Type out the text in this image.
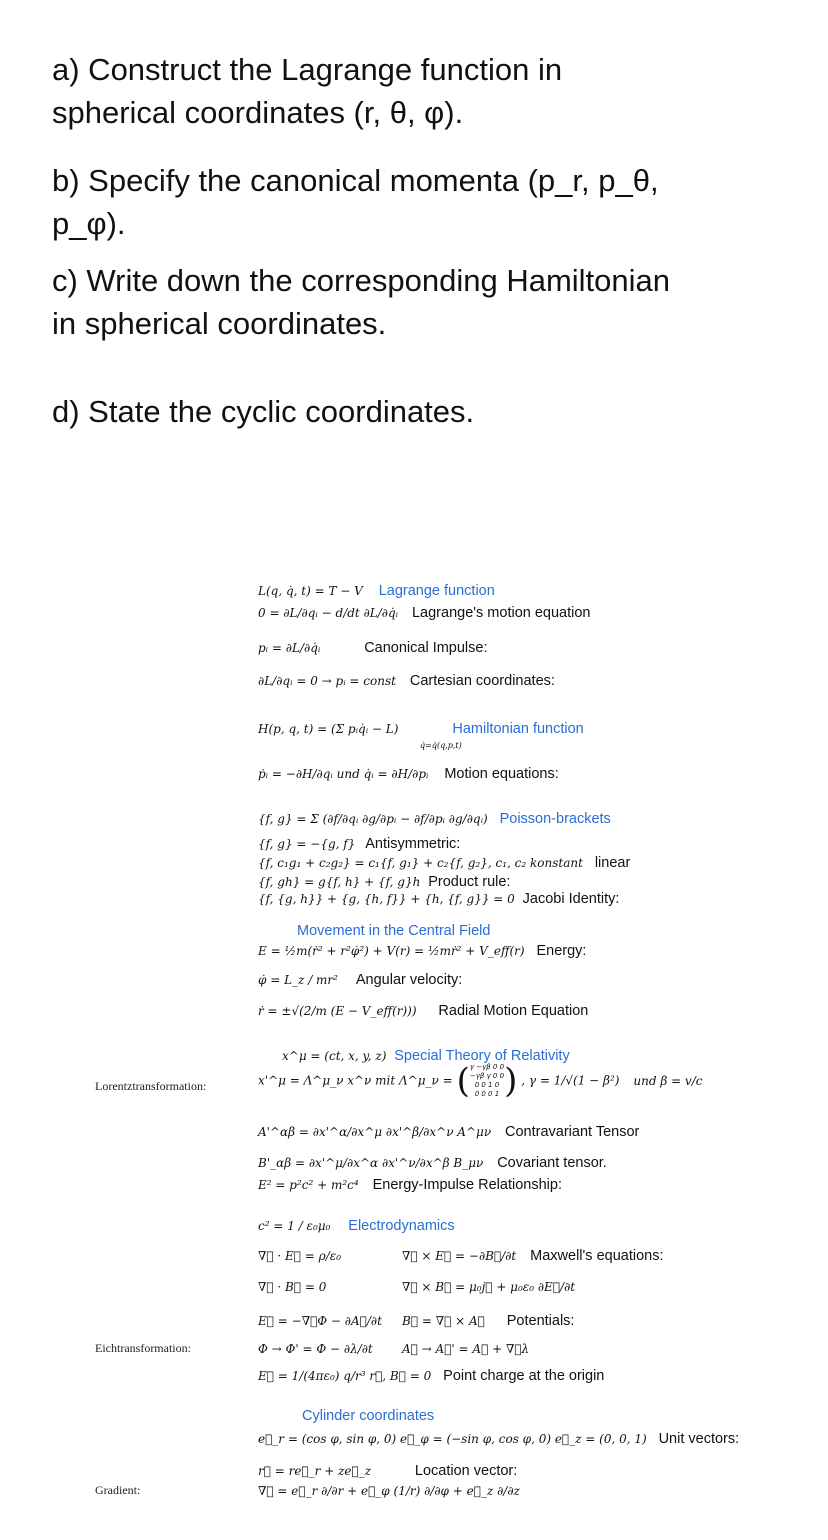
a) Construct the Lagrange function in
spherical coordinates (r, θ, φ).
b) Specify the canonical momenta (p_r, p_θ,
p_φ).
c) Write down the corresponding Hamiltonian
in spherical coordinates.
d) State the cyclic coordinates.
L(q, q̇, t) = T − V Lagrange function
0 = ∂L/∂qᵢ − d/dt ∂L/∂q̇ᵢ Lagrange's motion equation
pᵢ = ∂L/∂q̇ᵢ	Canonical Impulse:
∂L/∂qᵢ = 0 → pᵢ = const Cartesian coordinates:
H(p, q, t) = (Σ pᵢq̇ᵢ − L)	Hamiltonian function
q̇=q̇(q,p,t)
ṗᵢ = −∂H/∂qᵢ und q̇ᵢ = ∂H/∂pᵢ Motion equations:
{f, g} = Σ (∂f/∂qᵢ ∂g/∂pᵢ − ∂f/∂pᵢ ∂g/∂qᵢ) Poisson-brackets
{f, g} = −{g, f} Antisymmetric:
{f, c₁g₁ + c₂g₂} = c₁{f, g₁} + c₂{f, g₂}, c₁, c₂ konstant linear
{f, gh} = g{f, h} + {f, g}h Product rule:
{f, {g, h}} + {g, {h, f}} + {h, {f, g}} = 0 Jacobi Identity:
Movement in the Central Field
E = ½m(ṙ² + r²φ̇²) + V(r) = ½mṙ² + V_eff(r) Energy:
φ̇ = L_z / mr² Angular velocity:
ṙ = ±√(2/m (E − V_eff(r))) Radial Motion Equation
x^μ = (ct, x, y, z) Special Theory of Relativity
Lorentztransformation:	x'^μ = Λ^μ_ν x^ν mit Λ^μ_ν = (γ −γβ 0 0
−γβ γ 0 0
0 0 1 0
0 0 0 1 ) , γ = 1/√(1 − β²) und β = v/c
A'^αβ = ∂x'^α/∂x^μ ∂x'^β/∂x^ν A^μν Contravariant Tensor
B'_αβ = ∂x'^μ/∂x^α ∂x'^ν/∂x^β B_μν Covariant tensor.
E² = p²c² + m²c⁴ Energy-Impulse Relationship:
c² = 1 / ε₀μ₀ Electrodynamics
∇⃗ · E⃗ = ρ/ε₀	∇⃗ × E⃗ = −∂B⃗/∂t Maxwell's equations:
∇⃗ · B⃗ = 0	∇⃗ × B⃗ = μ₀j⃗ + μ₀ε₀ ∂E⃗/∂t
E⃗ = −∇⃗Φ − ∂A⃗/∂t B⃗ = ∇⃗ × A⃗ Potentials:
Eichtransformation:	Φ → Φ' = Φ − ∂λ/∂t A⃗ → A⃗' = A⃗ + ∇⃗λ
E⃗ = 1/(4πε₀) q/r³ r⃗, B⃗ = 0 Point charge at the origin
Cylinder coordinates
e⃗_r = (cos φ, sin φ, 0) e⃗_φ = (−sin φ, cos φ, 0) e⃗_z = (0, 0, 1) Unit vectors:
r⃗ = re⃗_r + ze⃗_z	Location vector:
Gradient:	∇⃗ = e⃗_r ∂/∂r + e⃗_φ (1/r) ∂/∂φ + e⃗_z ∂/∂z
